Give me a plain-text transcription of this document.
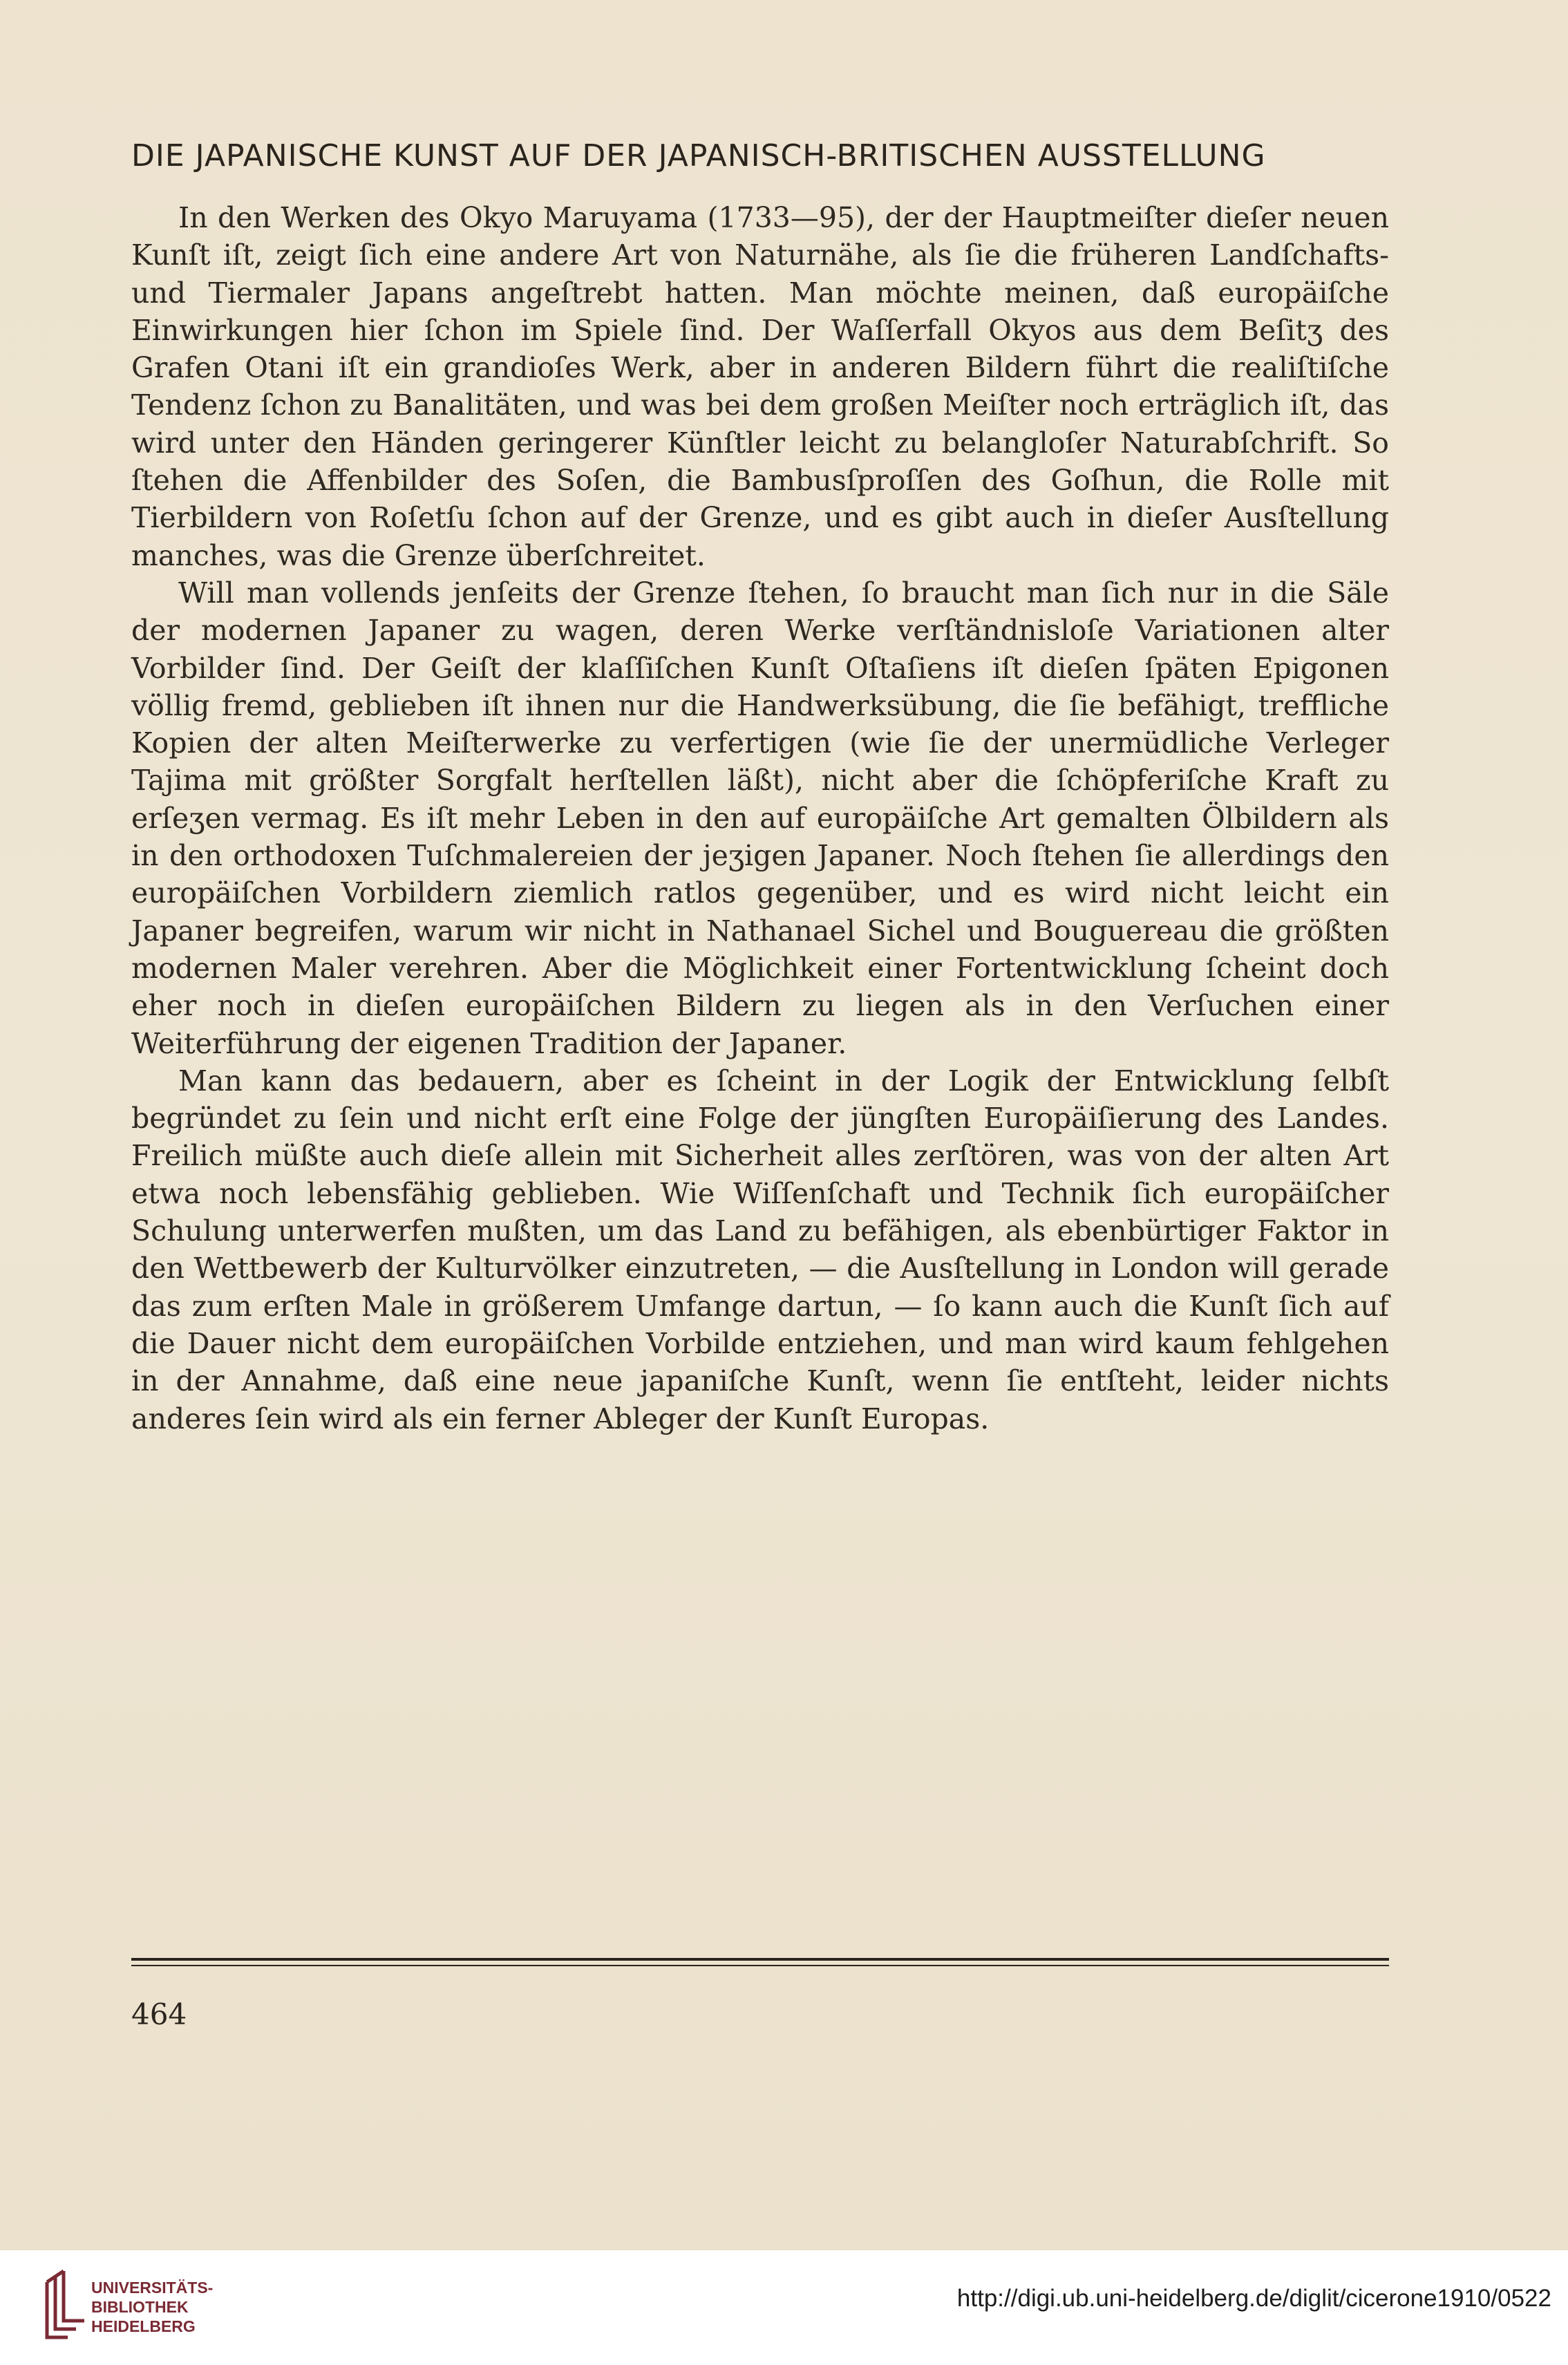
DIE JAPANISCHE KUNST AUF DER JAPANISCH-BRITISCHEN AUSSTELLUNG

In den Werken des Okyo Maruyama (1733—95), der der Hauptmeiſter dieſer neuen Kunſt iſt, zeigt ſich eine andere Art von Naturnähe, als ſie die früheren Landſchafts- und Tiermaler Japans angeſtrebt hatten. Man möchte meinen, daß europäiſche Einwirkungen hier ſchon im Spiele ſind. Der Waſſerfall Okyos aus dem Beſitʒ des Grafen Otani iſt ein grandioſes Werk, aber in anderen Bildern führt die realiſtiſche Tendenz ſchon zu Banalitäten, und was bei dem großen Meiſter noch erträglich iſt, das wird unter den Händen geringerer Künſtler leicht zu belangloſer Naturabſchrift. So ſtehen die Affenbilder des Soſen, die Bambusſproſſen des Goſhun, die Rolle mit Tierbildern von Roſetſu ſchon auf der Grenze, und es gibt auch in dieſer Ausſtellung manches, was die Grenze überſchreitet.

Will man vollends jenſeits der Grenze ſtehen, ſo braucht man ſich nur in die Säle der modernen Japaner zu wagen, deren Werke verſtändnisloſe Variationen alter Vorbilder ſind. Der Geiſt der klaſſiſchen Kunſt Oſtaſiens iſt dieſen ſpäten Epigonen völlig fremd, geblieben iſt ihnen nur die Handwerksübung, die ſie befähigt, treffliche Kopien der alten Meiſterwerke zu verfertigen (wie ſie der unermüdliche Verleger Tajima mit größter Sorgfalt herſtellen läßt), nicht aber die ſchöpferiſche Kraft zu erſeʒen vermag. Es iſt mehr Leben in den auf europäiſche Art gemalten Ölbildern als in den orthodoxen Tuſchmalereien der jeʒigen Japaner. Noch ſtehen ſie allerdings den europäiſchen Vorbildern ziemlich ratlos gegenüber, und es wird nicht leicht ein Japaner begreifen, warum wir nicht in Nathanael Sichel und Bouguereau die größten modernen Maler verehren. Aber die Möglichkeit einer Fortentwicklung ſcheint doch eher noch in dieſen europäiſchen Bildern zu liegen als in den Verſuchen einer Weiterführung der eigenen Tradition der Japaner.

Man kann das bedauern, aber es ſcheint in der Logik der Entwicklung ſelbſt begründet zu ſein und nicht erſt eine Folge der jüngſten Europäiſierung des Landes. Freilich müßte auch dieſe allein mit Sicherheit alles zerſtören, was von der alten Art etwa noch lebensfähig geblieben. Wie Wiſſenſchaft und Technik ſich europäiſcher Schulung unterwerfen mußten, um das Land zu befähigen, als ebenbürtiger Faktor in den Wettbewerb der Kulturvölker einzutreten, — die Ausſtellung in London will gerade das zum erſten Male in größerem Umfange dartun, — ſo kann auch die Kunſt ſich auf die Dauer nicht dem europäiſchen Vorbilde entziehen, und man wird kaum fehlgehen in der Annahme, daß eine neue japaniſche Kunſt, wenn ſie entſteht, leider nichts anderes ſein wird als ein ferner Ableger der Kunſt Europas.

464
UNIVERSITÄTS-
BIBLIOTHEK
HEIDELBERG
http://digi.ub.uni-heidelberg.de/diglit/cicerone1910/0522
